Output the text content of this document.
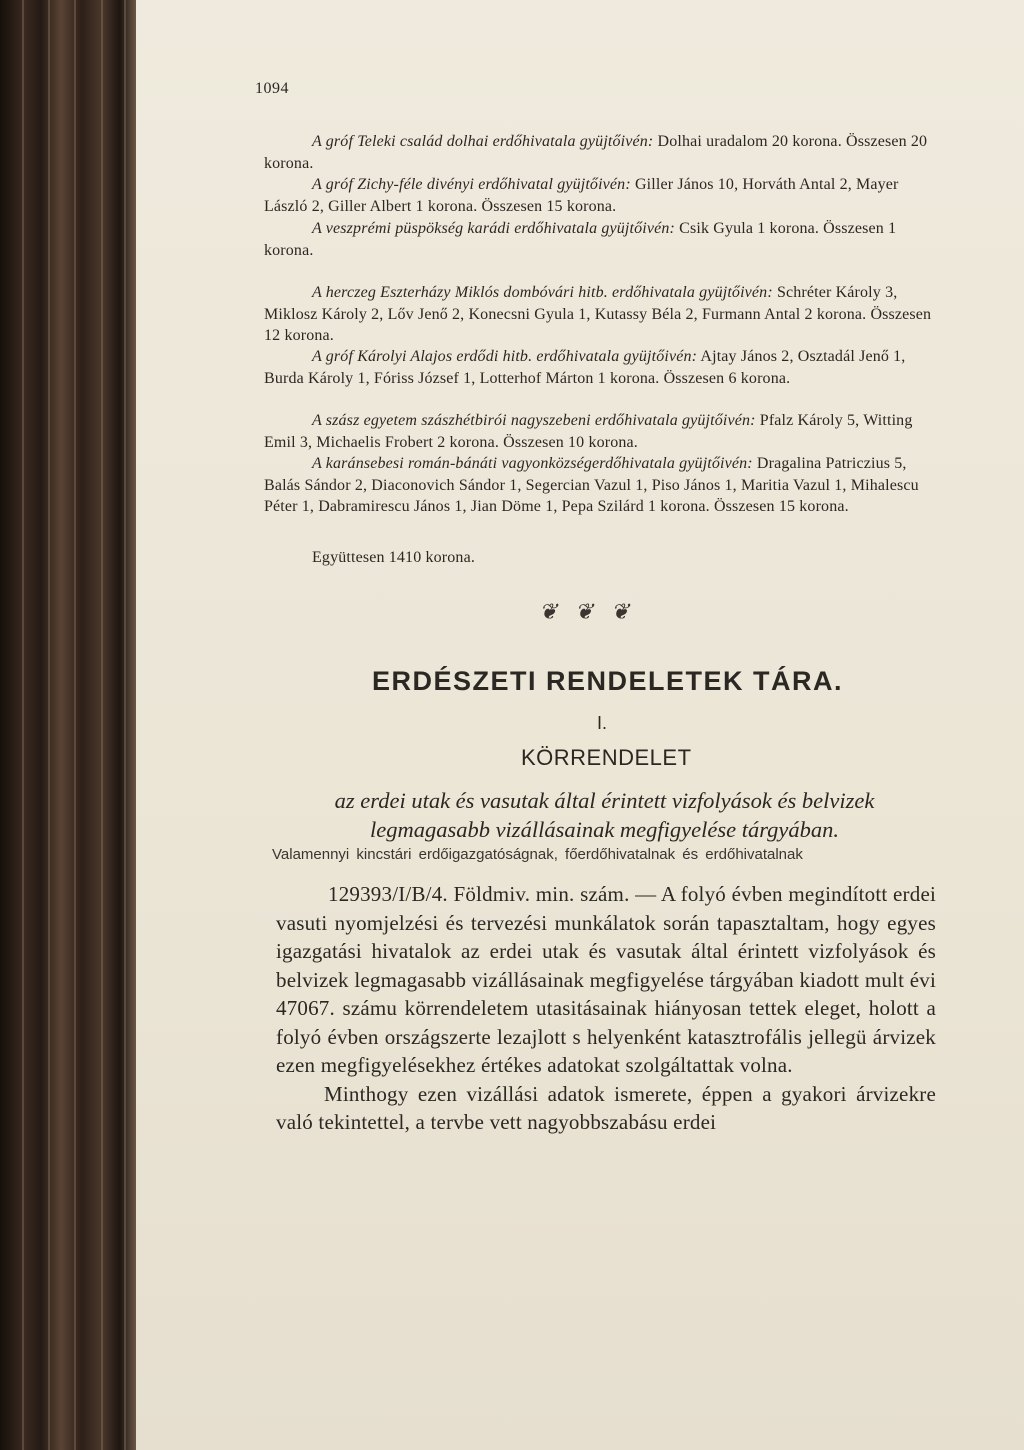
1094

A gróf Teleki család dolhai erdőhivatala gyüjtőivén: Dolhai uradalom 20 korona. Összesen 20 korona.

A gróf Zichy-féle divényi erdőhivatal gyüjtőivén: Giller János 10, Horváth Antal 2, Mayer László 2, Giller Albert 1 korona. Összesen 15 korona.

A veszprémi püspökség karádi erdőhivatala gyüjtőivén: Csik Gyula 1 korona. Összesen 1 korona.

A herczeg Eszterházy Miklós dombóvári hitb. erdőhivatala gyüjtőivén: Schréter Károly 3, Miklosz Károly 2, Lőv Jenő 2, Konecsni Gyula 1, Kutassy Béla 2, Furmann Antal 2 korona. Összesen 12 korona.

A gróf Károlyi Alajos erdődi hitb. erdőhivatala gyüjtőivén: Ajtay János 2, Osztadál Jenő 1, Burda Károly 1, Fóriss József 1, Lotterhof Márton 1 korona. Összesen 6 korona.

A szász egyetem szászhétbirói nagyszebeni erdőhivatala gyüjtőivén: Pfalz Károly 5, Witting Emil 3, Michaelis Frobert 2 korona. Összesen 10 korona.

A karánsebesi román-bánáti vagyonközségerdőhivatala gyüjtőivén: Dragalina Patriczius 5, Balás Sándor 2, Diaconovich Sándor 1, Segercian Vazul 1, Piso János 1, Maritia Vazul 1, Mihalescu Péter 1, Dabramirescu János 1, Jian Döme 1, Pepa Szilárd 1 korona. Összesen 15 korona.

Együttesen 1410 korona.

❦ ❦ ❦
ERDÉSZETI RENDELETEK TÁRA.
I.
KÖRRENDELET

az erdei utak és vasutak által érintett vizfolyások és belvizek legmagasabb vizállásainak megfigyelése tárgyában.

Valamennyi kincstári erdőigazgatóságnak, főerdőhivatalnak és erdőhivatalnak

129393/I/B/4. Földmiv. min. szám. — A folyó évben megindított erdei vasuti nyomjelzési és tervezési munkálatok során tapasztaltam, hogy egyes igazgatási hivatalok az erdei utak és vasutak által érintett vizfolyások és belvizek legmagasabb vizállásainak megfigyelése tárgyában kiadott mult évi 47067. számu körrendeletem utasitásainak hiányosan tettek eleget, holott a folyó évben országszerte lezajlott s helyenként katasztrofális jellegü árvizek ezen megfigyelésekhez értékes adatokat szolgáltattak volna.

Minthogy ezen vizállási adatok ismerete, éppen a gyakori árvizekre való tekintettel, a tervbe vett nagyobbszabásu erdei
